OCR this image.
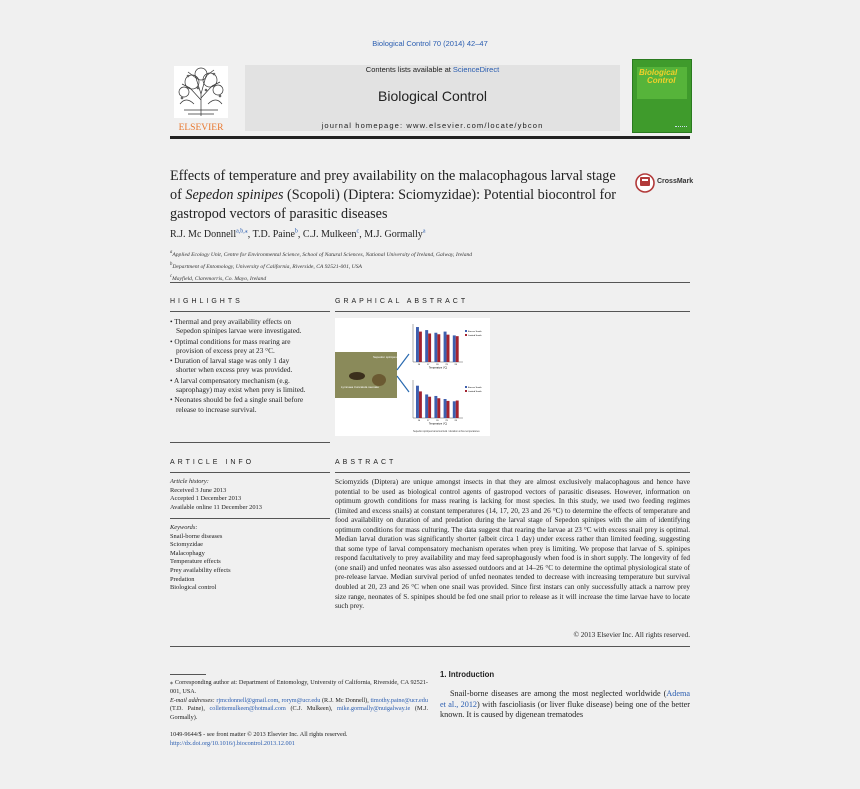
Biological Control 70 (2014) 42–47
ELSEVIER
Contents lists available at ScienceDirect
Biological Control
journal homepage: www.elsevier.com/locate/ybcon
Biological
Control
Effects of temperature and prey availability on the malacophagous larval stage of Sepedon spinipes (Scopoli) (Diptera: Sciomyzidae): Potential biocontrol for gastropod vectors of parasitic diseases
CrossMark
R.J. Mc Donnell$^{a,b,⁎}$, T.D. Paine$^b$, C.J. Mulkeen$^c$, M.J. Gormally$^a$
$^a$Applied Ecology Unit, Centre for Environmental Science, School of Natural Sciences, National University of Ireland, Galway, Ireland
$^b$Department of Entomology, University of California, Riverside, CA 92521-001, USA
$^c$Mayfield, Claremorris, Co. Mayo, Ireland
HIGHLIGHTS
• Thermal and prey availability effects on Sepedon spinipes larvae were investigated.
• Optimal conditions for mass rearing are provision of excess prey at 23 °C.
• Duration of larval stage was only 1 day shorter when excess prey was provided.
• A larval compensatory mechanism (e.g. saprophagy) may exist when prey is limited.
• Neonates should be fed a single snail before release to increase survival.
GRAPHICAL ABSTRACT
Sepedon spinipes
Lymnaea truncatula neonate
14	17	20	23	26
Temperature (°C)
Excess Snails
Limited Snails
14	17	20	23	26
Temperature (°C)
Excess Snails
Limited Snails
Sepedon spinipes larval survival / duration at five temperatures
ARTICLE INFO
Article history:
Received 3 June 2013
Accepted 1 December 2013
Available online 11 December 2013
Keywords:
Snail-borne diseases
Sciomyzidae
Malacophagy
Temperature effects
Prey availability effects
Predation
Biological control
ABSTRACT
Sciomyzids (Diptera) are unique amongst insects in that they are almost exclusively malacophagous and hence have potential to be used as biological control agents of gastropod vectors of parasitic diseases. However, information on optimum growth conditions for mass rearing is lacking for most species. In this study, we used two feeding regimes (limited and excess snails) at constant temperatures (14, 17, 20, 23 and 26 °C) to determine the effects of temperature and food availability on duration of and predation during the larval stage of Sepedon spinipes with the aim of identifying optimum conditions for mass culturing. The data suggest that rearing the larvae at 23 °C with excess snail prey is optimal. Median larval duration was significantly shorter (albeit circa 1 day) under excess rather than limited feeding, suggesting that some type of larval compensatory mechanism operates when prey is limiting. We propose that larvae of S. spinipes respond facultatively to prey availability and may feed saprophagously when food is in short supply. The longevity of fed (one snail) and unfed neonates was also assessed outdoors and at 14–26 °C to determine the optimal physiological state of pre-release larvae. Median survival period of unfed neonates tended to decrease with increasing temperature but survival doubled at 20, 23 and 26 °C when one snail was provided. Since first instars can only successfully attack a narrow prey size range, neonates of S. spinipes should be fed one snail prior to release as it will increase the time larvae have to locate such prey.
© 2013 Elsevier Inc. All rights reserved.
⁎ Corresponding author at: Department of Entomology, University of California, Riverside, CA 92521-001, USA.
E-mail addresses: rjmcdonnell@gmail.com, rorym@ucr.edu (R.J. Mc Donnell), timothy.paine@ucr.edu (T.D. Paine), collettemulkeen@hotmail.com (C.J. Mulkeen), mike.gormally@nuigalway.ie (M.J. Gormally).
1049-9644/$ - see front matter © 2013 Elsevier Inc. All rights reserved.
http://dx.doi.org/10.1016/j.biocontrol.2013.12.001
1. Introduction
Snail-borne diseases are among the most neglected worldwide (Adema et al., 2012) with fascioliasis (or liver fluke disease) being one of the better known. It is caused by digenean trematodes
